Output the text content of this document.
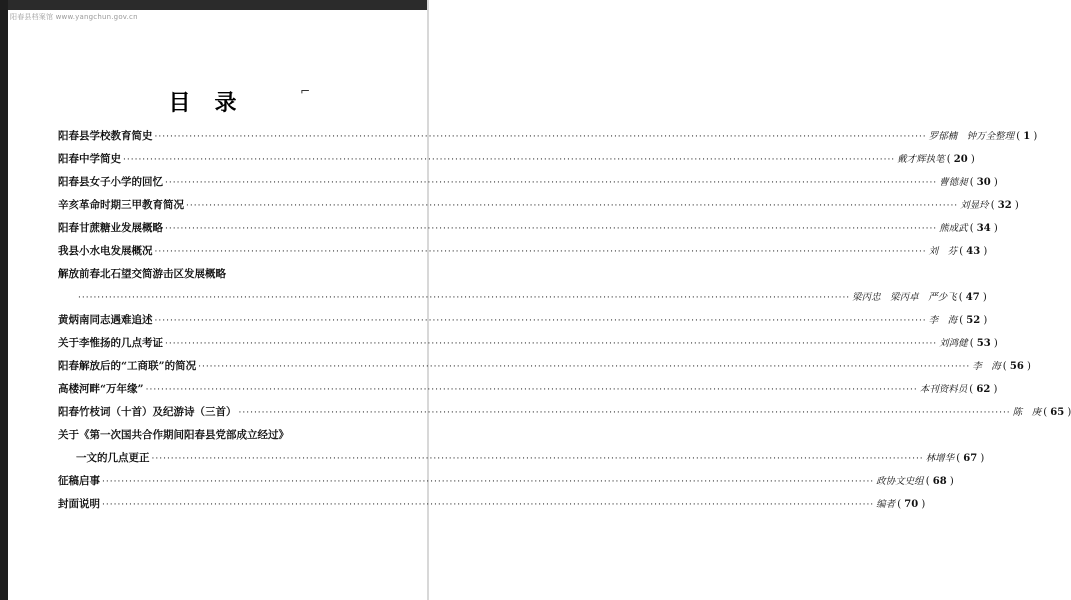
阳春县档案馆 www.yangchun.gov.cn
目录	⌐
阳春县学校教育简史 ········································································································································································································ 罗郁楠　钟万全整理 ( 1 )
阳春中学简史 ········································································································································································································ 戴才辉执笔 ( 20 )
阳春县女子小学的回忆 ········································································································································································································ 曹德昶 ( 30 )
辛亥革命时期三甲教育简况 ········································································································································································································ 刘显玲 ( 32 )
阳春甘蔗糖业发展概略 ········································································································································································································ 熊成武 ( 34 )
我县小水电发展概况 ········································································································································································································ 刘　芬 ( 43 )
解放前春北石望交简游击区发展概略
········································································································································································································ 梁丙忠　梁丙卓　严少飞 ( 47 )
黄炳南同志遇难追述 ········································································································································································································ 李　海 ( 52 )
关于李惟扬的几点考证 ········································································································································································································ 刘鸿健 ( 53 )
阳春解放后的“工商联”的简况 ········································································································································································································ 李　海 ( 56 )
高楼河畔“万年缘” ········································································································································································································ 本刊资料员 ( 62 )
阳春竹枝词（十首）及纪游诗（三首） ········································································································································································································ 陈　庚 ( 65 )
关于《第一次国共合作期间阳春县党部成立经过》
一文的几点更正 ········································································································································································································ 林增华 ( 67 )
征稿启事 ········································································································································································································ 政协文史组 ( 68 )
封面说明 ········································································································································································································ 编者 ( 70 )
